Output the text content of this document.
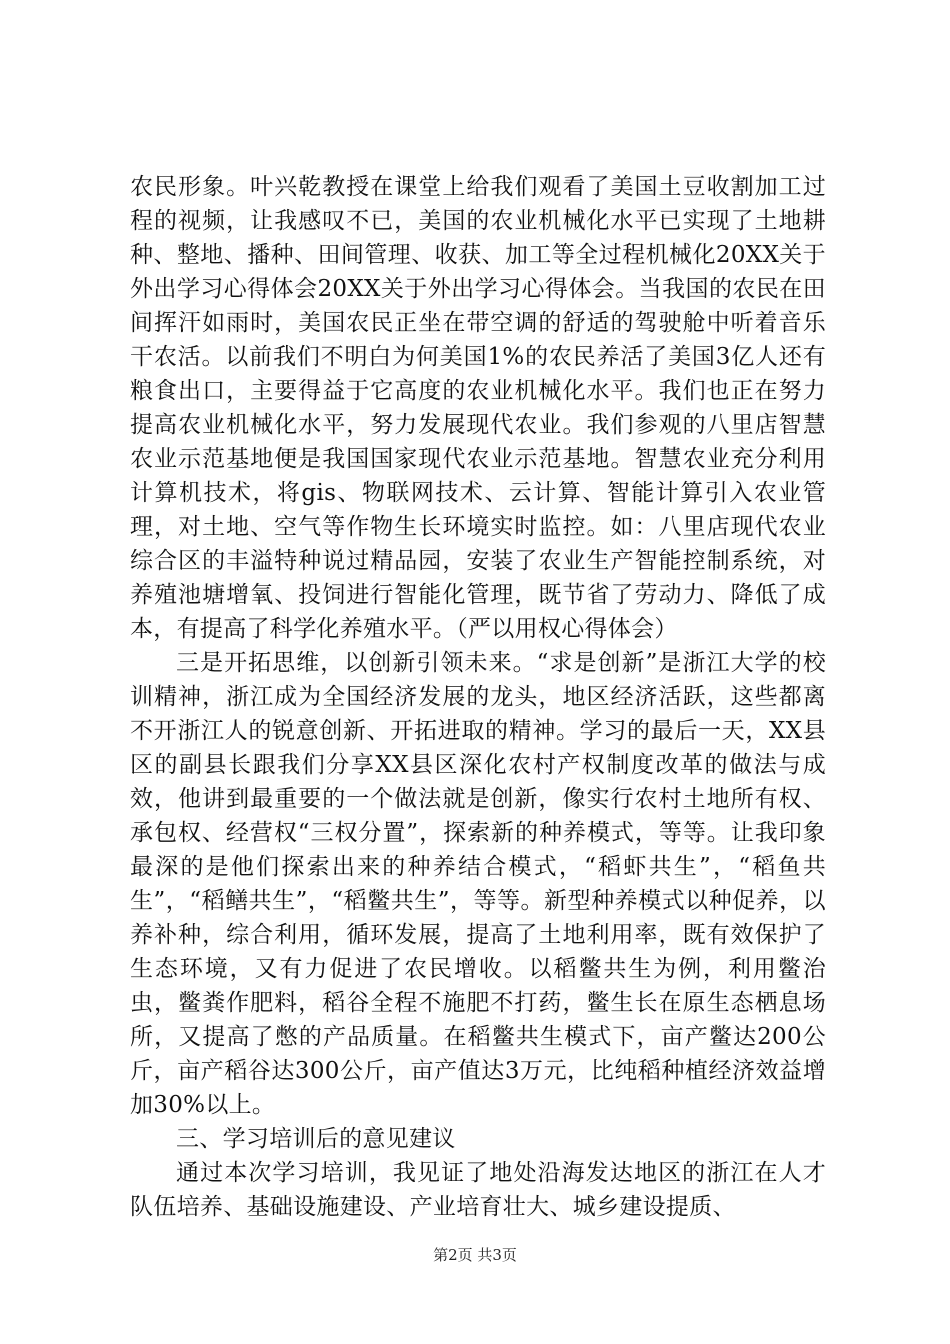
农民形象。叶兴乾教授在课堂上给我们观看了美国土豆收割加工过程的视频，让我感叹不已，美国的农业机械化水平已实现了土地耕种、整地、播种、田间管理、收获、加工等全过程机械化20XX关于外出学习心得体会20XX关于外出学习心得体会。当我国的农民在田间挥汗如雨时，美国农民正坐在带空调的舒适的驾驶舱中听着音乐干农活。以前我们不明白为何美国1%的农民养活了美国3亿人还有粮食出口，主要得益于它高度的农业机械化水平。我们也正在努力提高农业机械化水平，努力发展现代农业。我们参观的八里店智慧农业示范基地便是我国国家现代农业示范基地。智慧农业充分利用计算机技术，将gis、物联网技术、云计算、智能计算引入农业管理，对土地、空气等作物生长环境实时监控。如：八里店现代农业综合区的丰溢特种说过精品园，安装了农业生产智能控制系统，对养殖池塘增氧、投饲进行智能化管理，既节省了劳动力、降低了成本，有提高了科学化养殖水平。（严以用权心得体会）

三是开拓思维，以创新引领未来。“求是创新”是浙江大学的校训精神，浙江成为全国经济发展的龙头，地区经济活跃，这些都离不开浙江人的锐意创新、开拓进取的精神。学习的最后一天，XX县区的副县长跟我们分享XX县区深化农村产权制度改革的做法与成效，他讲到最重要的一个做法就是创新，像实行农村土地所有权、承包权、经营权“三权分置”，探索新的种养模式，等等。让我印象最深的是他们探索出来的种养结合模式，“稻虾共生”，“稻鱼共生”，“稻鳝共生”，“稻鳖共生”，等等。新型种养模式以种促养，以养补种，综合利用，循环发展，提高了土地利用率，既有效保护了生态环境，又有力促进了农民增收。以稻鳖共生为例，利用鳖治虫，鳖粪作肥料，稻谷全程不施肥不打药，鳖生长在原生态栖息场所，又提高了憋的产品质量。在稻鳖共生模式下，亩产鳖达200公斤，亩产稻谷达300公斤，亩产值达3万元，比纯稻种植经济效益增加30%以上。

三、学习培训后的意见建议

通过本次学习培训，我见证了地处沿海发达地区的浙江在人才队伍培养、基础设施建设、产业培育壮大、城乡建设提质、

第2页 共3页
